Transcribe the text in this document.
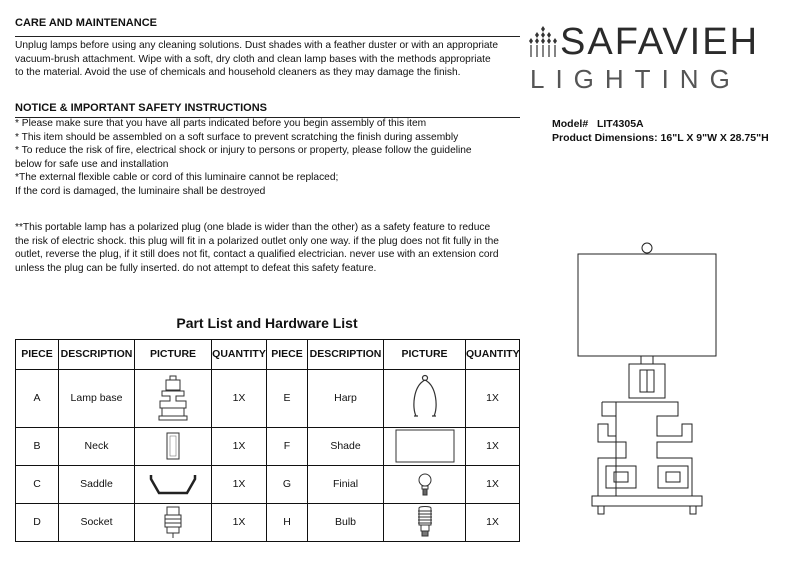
CARE AND MAINTENANCE
Unplug lamps before using any cleaning solutions. Dust shades with a feather duster or with an appropriate
vacuum-brush attachment. Wipe with a soft, dry cloth and clean lamp bases with the methods appropriate
to the material. Avoid the use of chemicals and household cleaners as they may damage the finish.
NOTICE & IMPORTANT SAFETY INSTRUCTIONS
* Please make sure that you have all parts indicated before you begin assembly of this item
* This item should be assembled on a soft surface to prevent scratching the finish during assembly
* To reduce the risk of fire, electrical shock or injury to persons or property, please follow the guideline
below for safe use and installation
*The external flexible cable or cord of this luminaire cannot be replaced;
If the cord is damaged, the luminaire shall be destroyed
**This portable lamp has a polarized plug (one blade is wider than the other) as a safety feature to reduce
the risk of electric shock. this plug will fit in a polarized outlet only one way. if the plug does not fit fully in the
outlet, reverse the plug, if it still does not fit, contact a qualified electrician. never use with an extension cord
unless the plug can be fully inserted. do not attempt to defeat this safety feature.
SAFAVIEH
LIGHTING
Model# LIT4305A
Product Dimensions: 16"L X 9"W X 28.75"H
Part List and Hardware List
PIECE	DESCRIPTION	PICTURE	QUANTITY	PIECE	DESCRIPTION	PICTURE	QUANTITY
A	Lamp base		1X	E	Harp		1X
B	Neck		1X	F	Shade		1X
C	Saddle		1X	G	Finial		1X
D	Socket		1X	H	Bulb		1X
